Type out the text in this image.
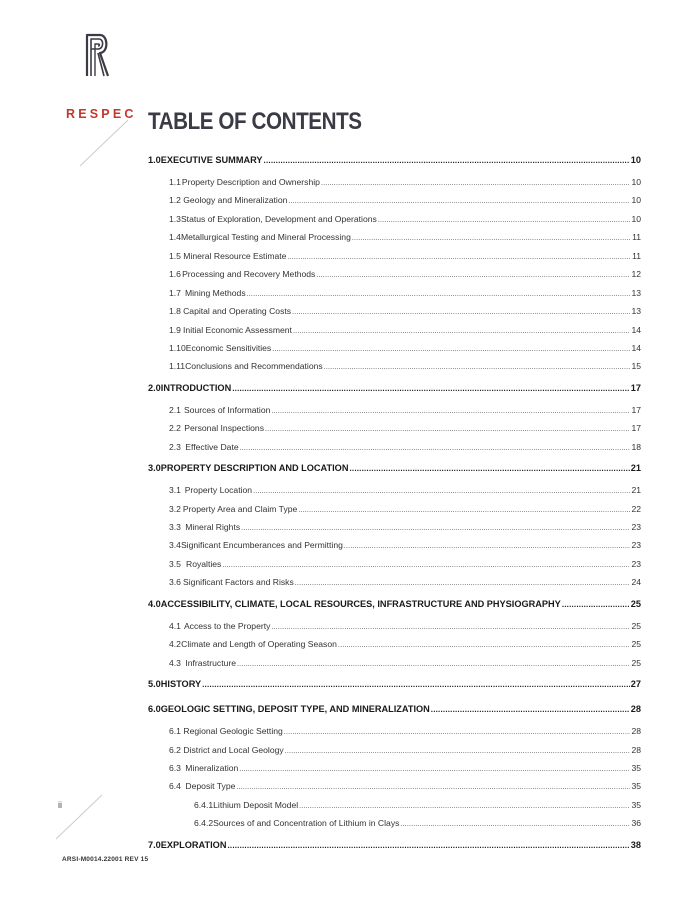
RESPEC TABLE OF CONTENTS
1.0 EXECUTIVE SUMMARY .....	10
1.1 Property Description and Ownership .....	10
1.2 Geology and Mineralization .....	10
1.3 Status of Exploration, Development and Operations .....	10
1.4 Metallurgical Testing and Mineral Processing .....	11
1.5 Mineral Resource Estimate .....	11
1.6 Processing and Recovery Methods .....	12
1.7 Mining Methods .....	13
1.8 Capital and Operating Costs .....	13
1.9 Initial Economic Assessment .....	14
1.10 Economic Sensitivities .....	14
1.11 Conclusions and Recommendations .....	15
2.0 INTRODUCTION .....	17
2.1 Sources of Information .....	17
2.2 Personal Inspections .....	17
2.3 Effective Date .....	18
3.0 PROPERTY DESCRIPTION AND LOCATION .....	21
3.1 Property Location .....	21
3.2 Property Area and Claim Type .....	22
3.3 Mineral Rights .....	23
3.4 Significant Encumberances and Permitting .....	23
3.5 Royalties .....	23
3.6 Significant Factors and Risks .....	24
4.0 ACCESSIBILITY, CLIMATE, LOCAL RESOURCES, INFRASTRUCTURE AND PHYSIOGRAPHY .....	25
4.1 Access to the Property .....	25
4.2 Climate and Length of Operating Season .....	25
4.3 Infrastructure .....	25
5.0 HISTORY .....	27
6.0 GEOLOGIC SETTING, DEPOSIT TYPE, AND MINERALIZATION .....	28
6.1 Regional Geologic Setting .....	28
6.2 District and Local Geology .....	28
6.3 Mineralization .....	35
6.4 Deposit Type .....	35
6.4.1 Lithium Deposit Model .....	35
6.4.2 Sources of and Concentration of Lithium in Clays .....	36
7.0 EXPLORATION .....	38
ii
ARSI-M0014.22001 REV 15
